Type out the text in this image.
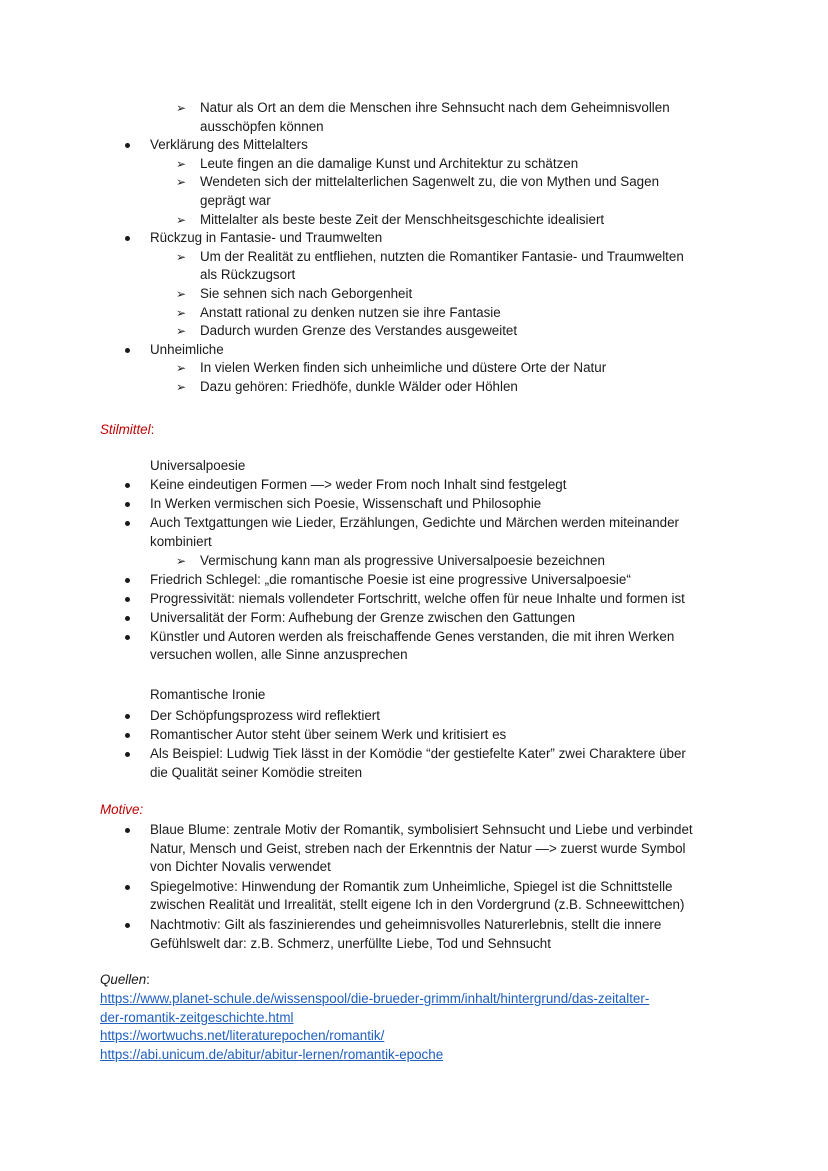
➢ Natur als Ort an dem die Menschen ihre Sehnsucht nach dem Geheimnisvollen
ausschöpfen können
Verklärung des Mittelalters
➢ Leute fingen an die damalige Kunst und Architektur zu schätzen
➢ Wendeten sich der mittelalterlichen Sagenwelt zu, die von Mythen und Sagen
geprägt war
➢ Mittelalter als beste beste Zeit der Menschheitsgeschichte idealisiert
Rückzug in Fantasie- und Traumwelten
➢ Um der Realität zu entfliehen, nutzten die Romantiker Fantasie- und Traumwelten
als Rückzugsort
➢ Sie sehnen sich nach Geborgenheit
➢ Anstatt rational zu denken nutzen sie ihre Fantasie
➢ Dadurch wurden Grenze des Verstandes ausgeweitet
Unheimliche
➢ In vielen Werken finden sich unheimliche und düstere Orte der Natur
➢ Dazu gehören: Friedhöfe, dunkle Wälder oder Höhlen
Stilmittel:
Universalpoesie
Keine eindeutigen Formen —> weder From noch Inhalt sind festgelegt
In Werken vermischen sich Poesie, Wissenschaft und Philosophie
Auch Textgattungen wie Lieder, Erzählungen, Gedichte und Märchen werden miteinander
kombiniert
➢ Vermischung kann man als progressive Universalpoesie bezeichnen
Friedrich Schlegel: „die romantische Poesie ist eine progressive Universalpoesie“
Progressivität: niemals vollendeter Fortschritt, welche offen für neue Inhalte und formen ist
Universalität der Form: Aufhebung der Grenze zwischen den Gattungen
Künstler und Autoren werden als freischaffende Genes verstanden, die mit ihren Werken
versuchen wollen, alle Sinne anzusprechen
Romantische Ironie
Der Schöpfungsprozess wird reflektiert
Romantischer Autor steht über seinem Werk und kritisiert es
Als Beispiel: Ludwig Tiek lässt in der Komödie “der gestiefelte Kater” zwei Charaktere über
die Qualität seiner Komödie streiten
Motive:
Blaue Blume: zentrale Motiv der Romantik, symbolisiert Sehnsucht und Liebe und verbindet
Natur, Mensch und Geist, streben nach der Erkenntnis der Natur —> zuerst wurde Symbol
von Dichter Novalis verwendet
Spiegelmotive: Hinwendung der Romantik zum Unheimliche, Spiegel ist die Schnittstelle
zwischen Realität und Irrealität, stellt eigene Ich in den Vordergrund (z.B. Schneewittchen)
Nachtmotiv: Gilt als faszinierendes und geheimnisvolles Naturerlebnis, stellt die innere
Gefühlswelt dar: z.B. Schmerz, unerfüllte Liebe, Tod und Sehnsucht
Quellen:
https://www.planet-schule.de/wissenspool/die-brueder-grimm/inhalt/hintergrund/das-zeitalter-
der-romantik-zeitgeschichte.html
https://wortwuchs.net/literaturepochen/romantik/
https://abi.unicum.de/abitur/abitur-lernen/romantik-epoche
